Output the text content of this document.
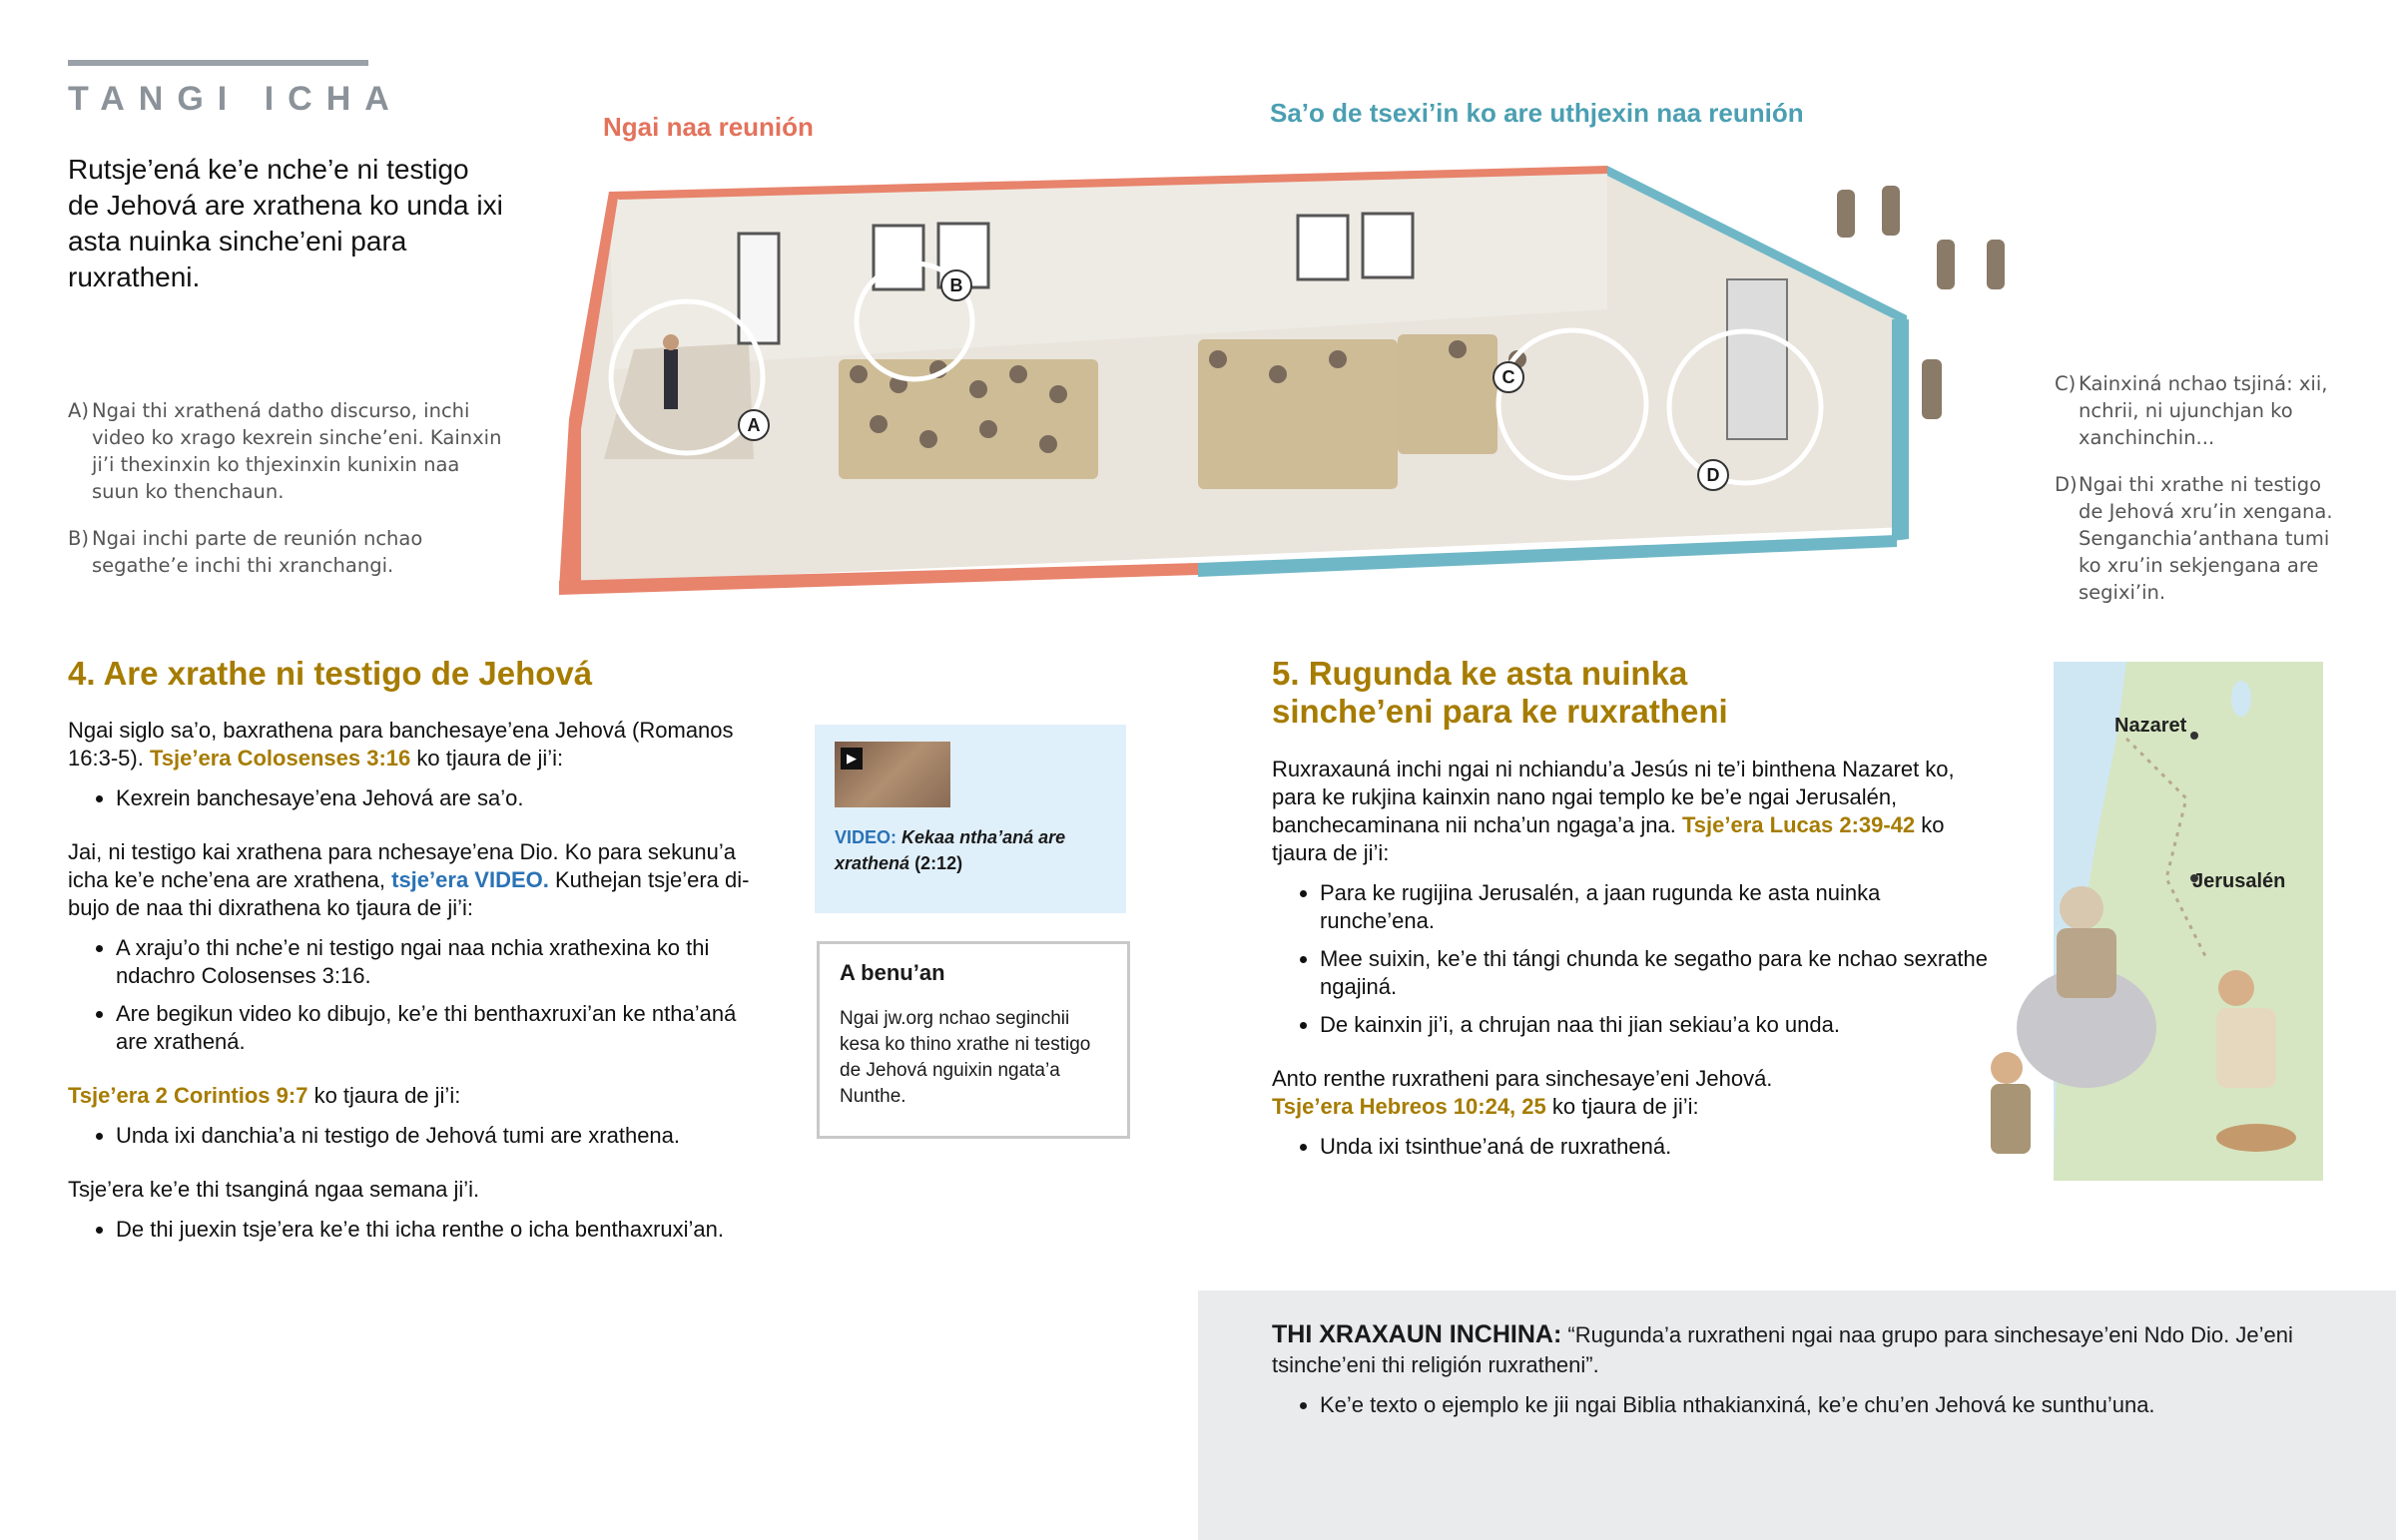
TANGI ICHA
Rutsje’ená ke’e nche’e ni testigo de Jehová are xrathena ko unda ixi asta nuinka sinche’eni para ruxratheni.
A) Ngai thi xrathená datho discurso, inchi video ko xrago kexrein sinche’eni. Kainxin ji’i thexinxin ko thjexinxin kunixin naa suun ko thenchaun.
B) Ngai inchi parte de reunión nchao segathe’e inchi thi xranchangi.
C) Kainxiná nchao tsjiná: xii, nchrii, ni ujunchjan ko xanchinchin...
D) Ngai thi xrathe ni testigo de Jehová xru’in xengana. Senganchia’anthana tumi ko xru’in sekjengana are segixi’in.
Ngai naa reunión	Sa’o de tsexi’in ko are uthjexin naa reunión
A
B
C
D
4. Are xrathe ni testigo de Jehová

Ngai siglo sa’o, baxrathena para banchesaye’ena Jehová (Romanos 16:3-5). Tsje’era Colosenses 3:16 ko tjaura de ji’i:

• Kexrein banchesaye’ena Jehová are sa’o.

Jai, ni testigo kai xrathena para nchesaye’ena Dio. Ko para sekunu’a icha ke’e nche’ena are xrathena, tsje’era VIDEO. Kuthejan tsje’era dibujo de naa thi dixrathena ko tjaura de ji’i:

• A xraju’o thi nche’e ni testigo ngai naa nchia xrathexina ko thi ndachro Colosenses 3:16.
• Are begikun video ko dibujo, ke’e thi benthaxruxi’an ke ntha’aná are xrathená.

Tsje’era 2 Corintios 9:7 ko tjaura de ji’i:

• Unda ixi danchia’a ni testigo de Jehová tumi are xrathena.

Tsje’era ke’e thi tsanginá ngaa semana ji’i.

• De thi juexin tsje’era ke’e thi icha renthe o icha benthaxruxi’an.
▶
VIDEO: Kekaa ntha’aná are xrathená (2:12)
A benu’an
Ngai jw.org nchao seginchii kesa ko thino xrathe ni testigo de Jehová nguixin ngata’a Nunthe.
5. Rugunda ke asta nuinka sinche’eni para ke ruxratheni

Ruxraxauná inchi ngai ni nchiandu’a Jesús ni te’i binthena Nazaret ko, para ke rukjina kainxin nano ngai templo ke be’e ngai Jerusalén, banchecaminana nii ncha’un ngaga’a jna. Tsje’era Lucas 2:39-42 ko tjaura de ji’i:

• Para ke rugijina Jerusalén, a jaan rugunda ke asta nuinka runche’ena.
• Mee suixin, ke’e thi tángi chunda ke segatho para ke nchao sexrathe ngajiná.
• De kainxin ji’i, a chrujan naa thi jian sekiau’a ko unda.

Anto renthe ruxratheni para sinchesaye’eni Jehová.
Tsje’era Hebreos 10:24, 25 ko tjaura de ji’i:

• Unda ixi tsinthue’aná de ruxrathená.
Nazaret
Jerusalén
THI XRAXAUN INCHINA: “Rugunda’a ruxratheni ngai naa grupo para sinchesaye’eni Ndo Dio. Je’eni tsinche’eni thi religión ruxratheni”.
• Ke’e texto o ejemplo ke jii ngai Biblia nthakianxiná, ke’e chu’en Jehová ke sunthu’una.
